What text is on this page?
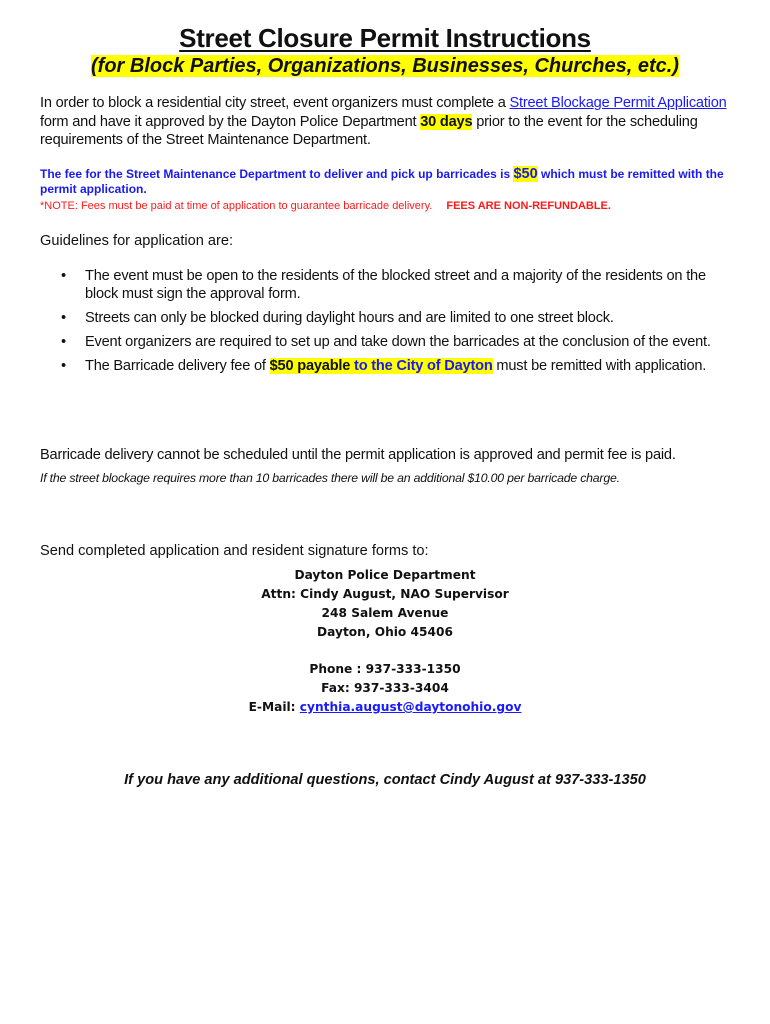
Street Closure Permit Instructions
(for Block Parties, Organizations, Businesses, Churches, etc.)
In order to block a residential city street, event organizers must complete a Street Blockage Permit Application form and have it approved by the Dayton Police Department 30 days prior to the event for the scheduling requirements of the Street Maintenance Department.
The fee for the Street Maintenance Department to deliver and pick up barricades is $50 which must be remitted with the permit application.
*NOTE: Fees must be paid at time of application to guarantee barricade delivery. FEES ARE NON-REFUNDABLE.
Guidelines for application are:
• The event must be open to the residents of the blocked street and a majority of the residents on the block must sign the approval form.
• Streets can only be blocked during daylight hours and are limited to one street block.
• Event organizers are required to set up and take down the barricades at the conclusion of the event.
• The Barricade delivery fee of $50 payable to the City of Dayton must be remitted with application.
Barricade delivery cannot be scheduled until the permit application is approved and permit fee is paid.
If the street blockage requires more than 10 barricades there will be an additional $10.00 per barricade charge.
Send completed application and resident signature forms to:
Dayton Police Department
Attn: Cindy August, NAO Supervisor
248 Salem Avenue
Dayton, Ohio 45406
Phone : 937-333-1350
Fax: 937-333-3404
E-Mail: cynthia.august@daytonohio.gov
If you have any additional questions, contact Cindy August at 937-333-1350
